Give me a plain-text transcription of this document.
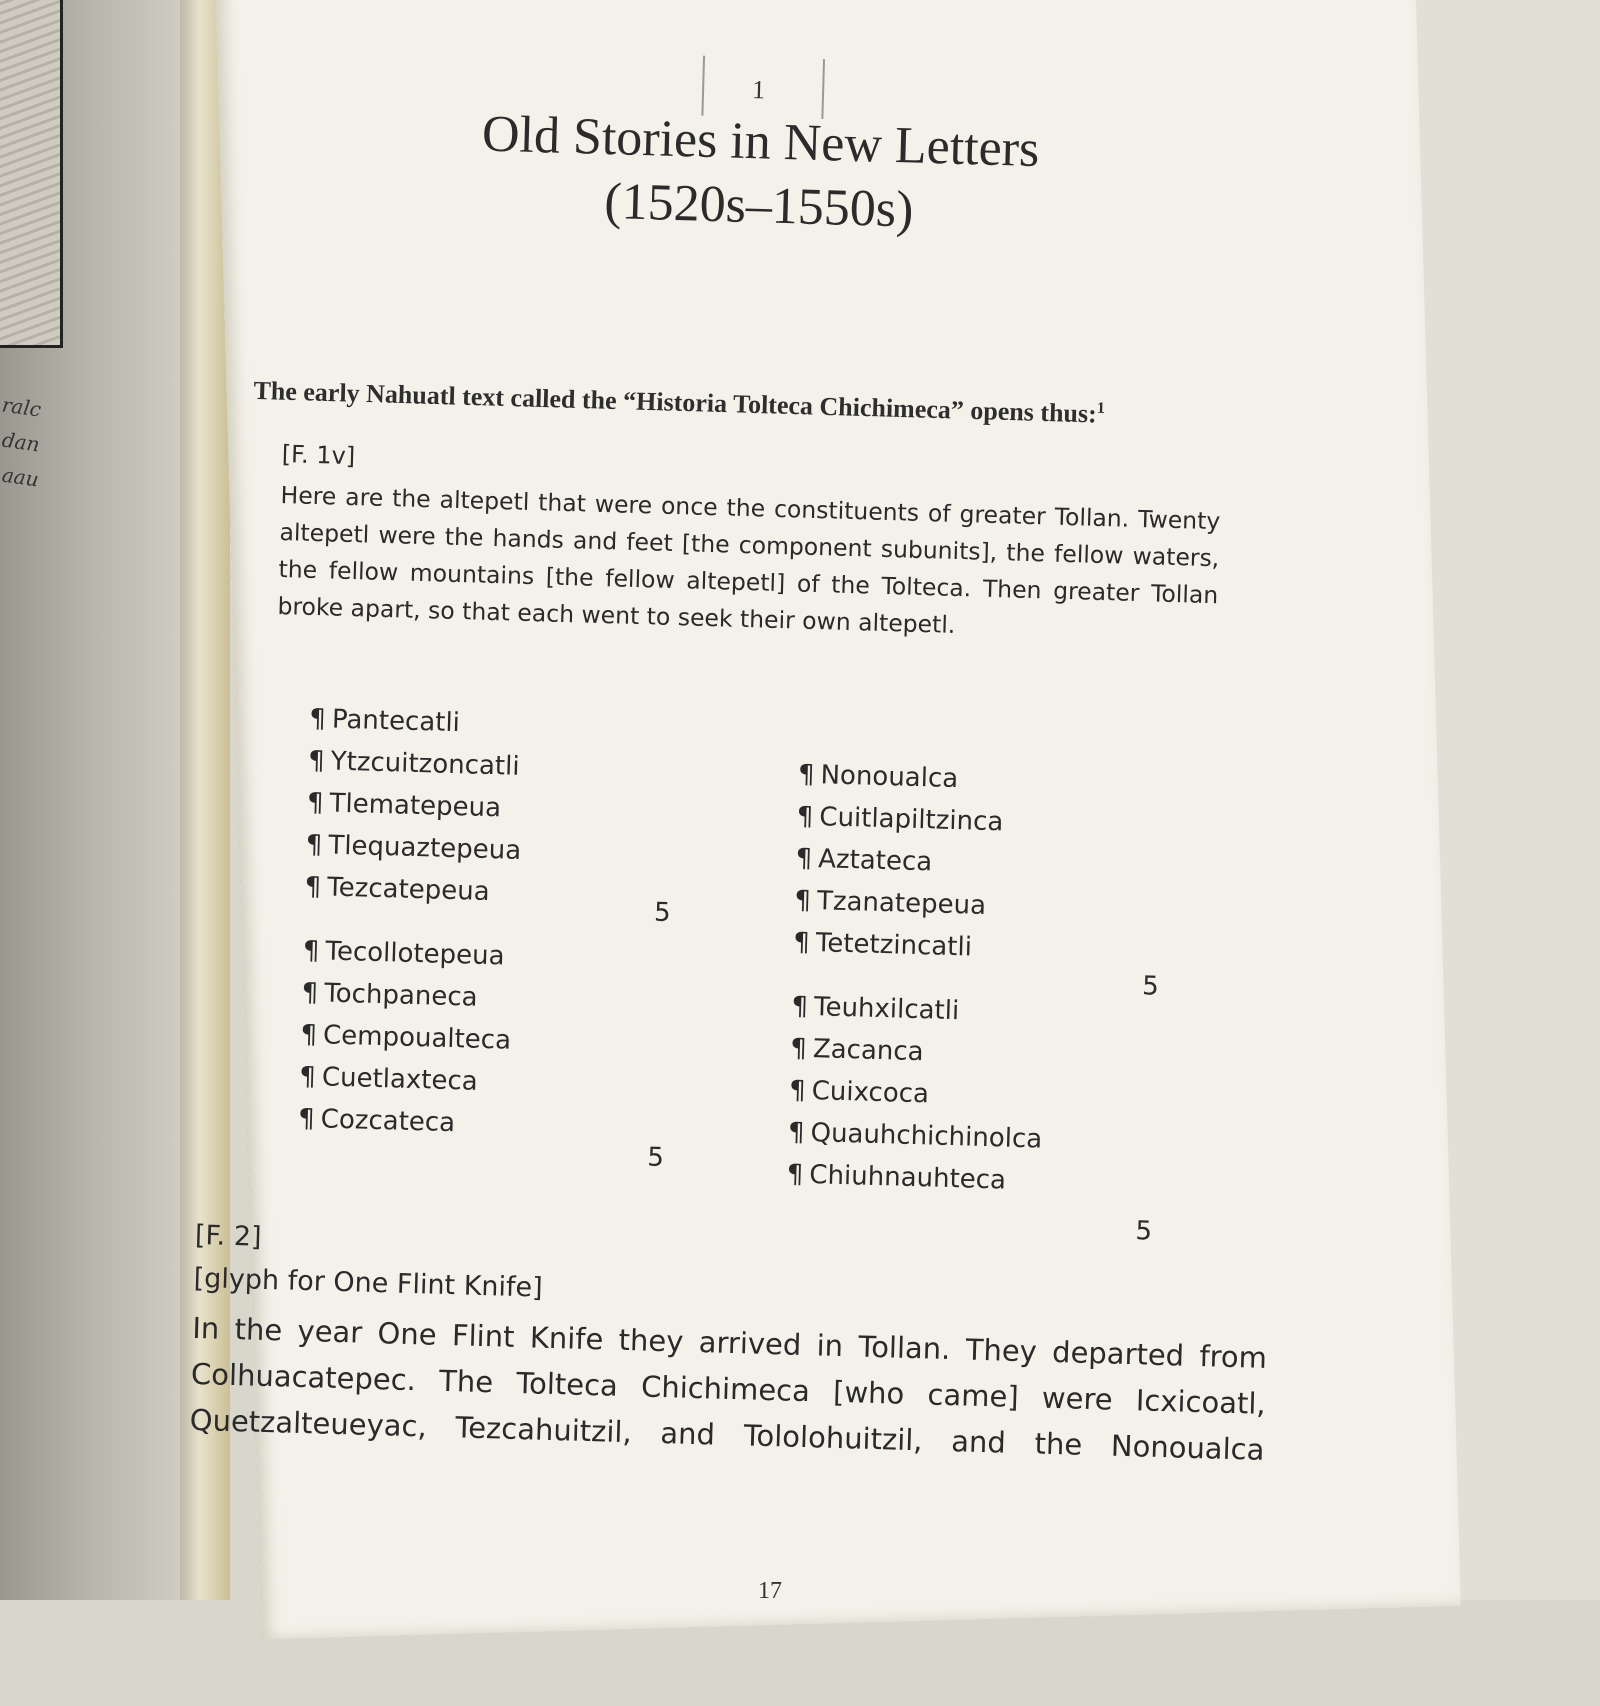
ralc
dan
aau
1
Old Stories in New Letters
(1520s–1550s)
The early Nahuatl text called the “Historia Tolteca Chichimeca” opens thus:$^1$
[F. 1v]
Here are the altepetl that were once the constituents of greater Tollan. Twenty altepetl were the hands and feet [the component subunits], the fellow waters, the fellow mountains [the fellow altepetl] of the Tolteca. Then greater Tollan broke apart, so that each went to seek their own altepetl.
¶ Pantecatli
¶ Ytzcuitzoncatli
¶ Tlematepeua
¶ Tlequaztepeua
¶ Tezcatepeua
¶ Tecollotepeua
¶ Tochpaneca
¶ Cempoualteca
¶ Cuetlaxteca
¶ Cozcateca
¶ Nonoualca
¶ Cuitlapiltzinca
¶ Aztateca
¶ Tzanatepeua
¶ Tetetzincatli
¶ Teuhxilcatli
¶ Zacanca
¶ Cuixcoca
¶ Quauhchichinolca
¶ Chiuhnauhteca
5
5
5
5
[F. 2]
[glyph for One Flint Knife]
In the year One Flint Knife they arrived in Tollan. They departed from Colhuacatepec. The Tolteca Chichimeca [who came] were Icxicoatl, Quetzalteueyac, Tezcahuitzil, and Tololohuitzil, and the Nonoualca
17
